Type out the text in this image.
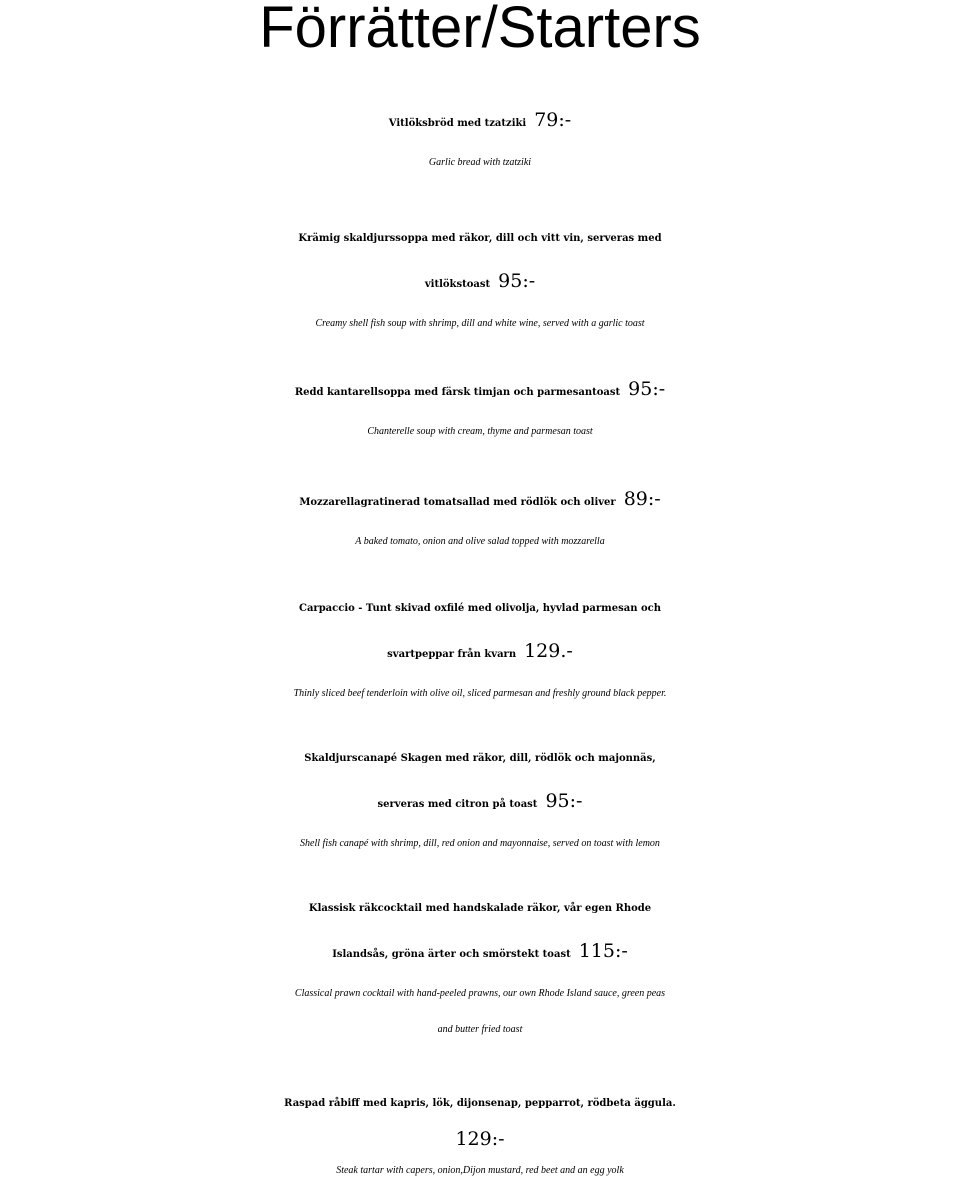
Förrätter/Starters
Vitlöksbröd med tzatziki 79:-
Garlic bread with tzatziki
Krämig skaldjurssoppa med räkor, dill och vitt vin, serveras med
vitlökstoast 95:-
Creamy shell fish soup with shrimp, dill and white wine, served with a garlic toast
Redd kantarellsoppa med färsk timjan och parmesantoast 95:-
Chanterelle soup with cream, thyme and parmesan toast
Mozzarellagratinerad tomatsallad med rödlök och oliver 89:-
A baked tomato, onion and olive salad topped with mozzarella
Carpaccio - Tunt skivad oxfilé med olivolja, hyvlad parmesan och
svartpeppar från kvarn 129.-
Thinly sliced beef tenderloin with olive oil, sliced parmesan and freshly ground black pepper.
Skaldjurscanapé Skagen med räkor, dill, rödlök och majonnäs,
serveras med citron på toast 95:-
Shell fish canapé with shrimp, dill, red onion and mayonnaise, served on toast with lemon
Klassisk räkcocktail med handskalade räkor, vår egen Rhode
Islandsås, gröna ärter och smörstekt toast 115:-
Classical prawn cocktail with hand-peeled prawns, our own Rhode Island sauce, green peas
and butter fried toast
Raspad råbiff med kapris, lök, dijonsenap, pepparrot, rödbeta äggula.
129:-
Steak tartar with capers, onion,Dijon mustard, red beet and an egg yolk
